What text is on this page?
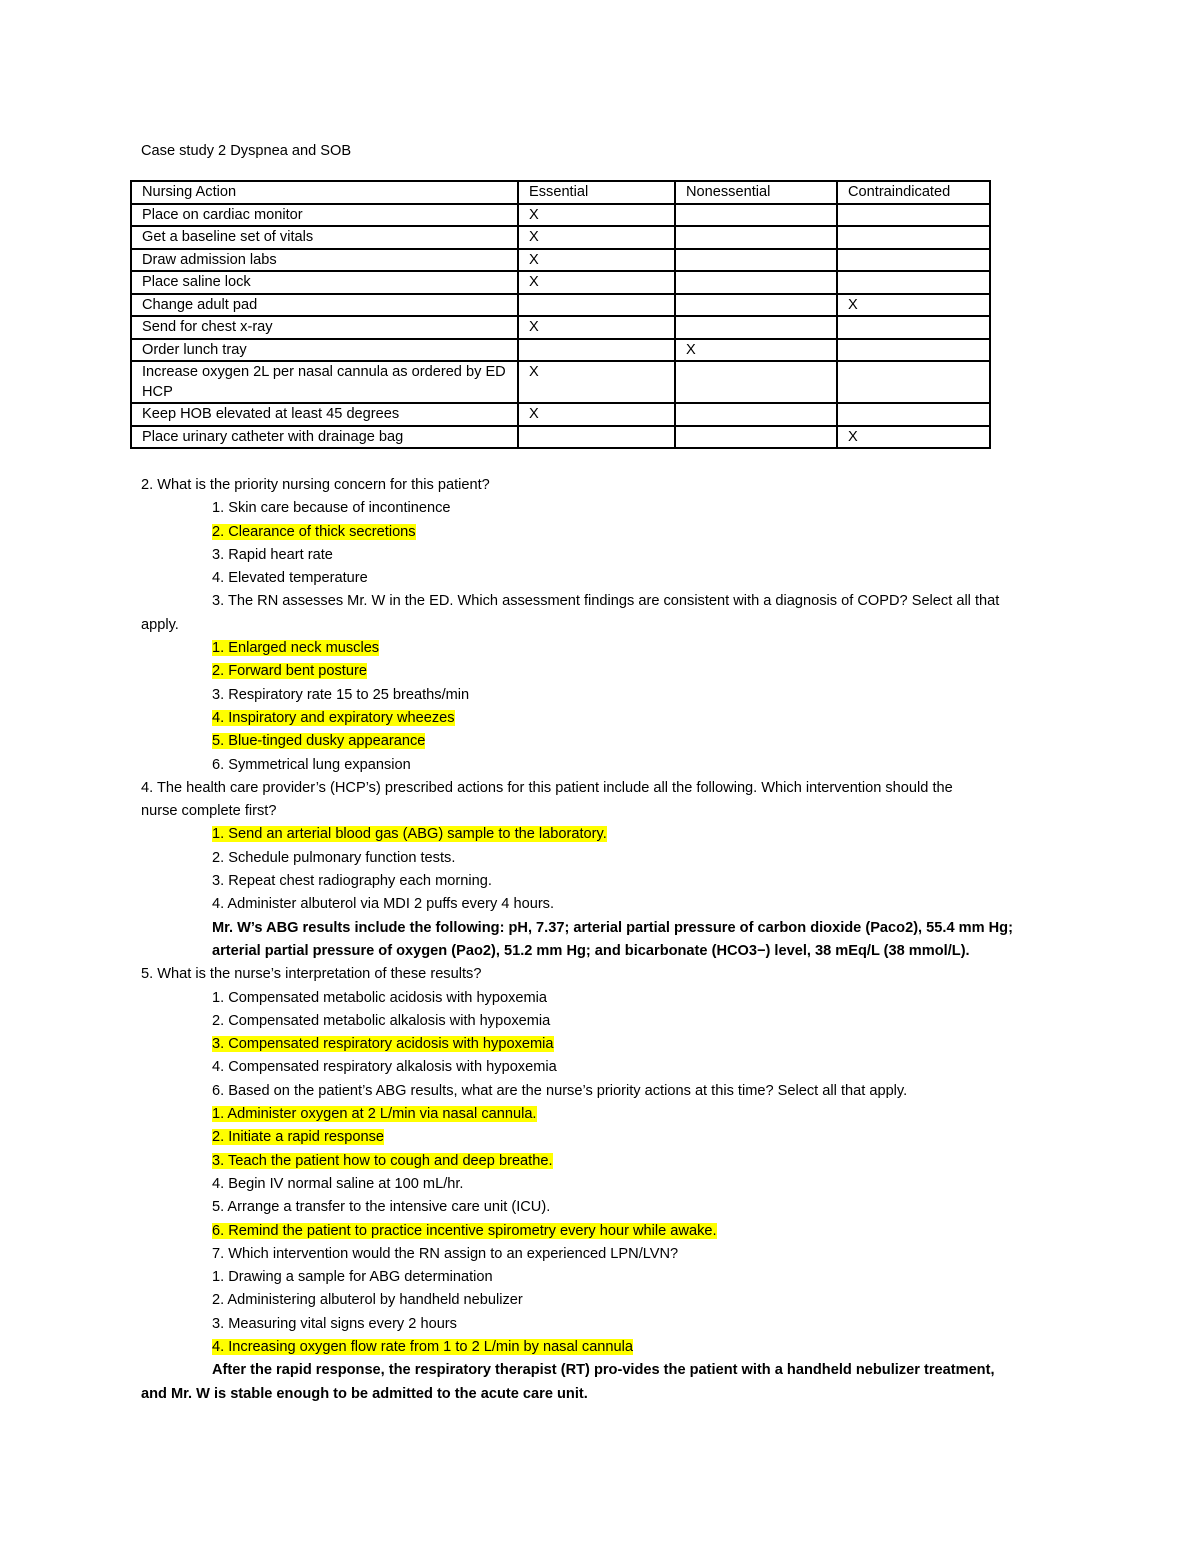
Case study 2 Dyspnea and SOB
Nursing Action	Essential	Nonessential	Contraindicated
Place on cardiac monitor	X		
Get a baseline set of vitals	X		
Draw admission labs	X		
Place saline lock	X		
Change adult pad			X
Send for chest x-ray	X		
Order lunch tray		X	
Increase oxygen 2L per nasal cannula as ordered by ED HCP	X		
Keep HOB elevated at least 45 degrees	X		
Place urinary catheter with drainage bag			X
2. What is the priority nursing concern for this patient?
1. Skin care because of incontinence
2. Clearance of thick secretions
3. Rapid heart rate
4. Elevated temperature
3. The RN assesses Mr. W in the ED. Which assessment findings are consistent with a diagnosis of COPD? Select all that
apply.
1. Enlarged neck muscles
2. Forward bent posture
3. Respiratory rate 15 to 25 breaths/min
4. Inspiratory and expiratory wheezes
5. Blue-tinged dusky appearance
6. Symmetrical lung expansion
4. The health care provider’s (HCP’s) prescribed actions for this patient include all the following. Which intervention should the
nurse complete first?
1. Send an arterial blood gas (ABG) sample to the laboratory.
2. Schedule pulmonary function tests.
3. Repeat chest radiography each morning.
4. Administer albuterol via MDI 2 puffs every 4 hours.
Mr. W’s ABG results include the following: pH, 7.37; arterial partial pressure of carbon dioxide (Paco2), 55.4 mm Hg;
arterial partial pressure of oxygen (Pao2), 51.2 mm Hg; and bicarbonate (HCO3−) level, 38 mEq/L (38 mmol/L).
5. What is the nurse’s interpretation of these results?
1. Compensated metabolic acidosis with hypoxemia
2. Compensated metabolic alkalosis with hypoxemia
3. Compensated respiratory acidosis with hypoxemia
4. Compensated respiratory alkalosis with hypoxemia
6. Based on the patient’s ABG results, what are the nurse’s priority actions at this time? Select all that apply.
1. Administer oxygen at 2 L/min via nasal cannula.
2. Initiate a rapid response
3. Teach the patient how to cough and deep breathe.
4. Begin IV normal saline at 100 mL/hr.
5. Arrange a transfer to the intensive care unit (ICU).
6. Remind the patient to practice incentive spirometry every hour while awake.
7. Which intervention would the RN assign to an experienced LPN/LVN?
1. Drawing a sample for ABG determination
2. Administering albuterol by handheld nebulizer
3. Measuring vital signs every 2 hours
4. Increasing oxygen flow rate from 1 to 2 L/min by nasal cannula
After the rapid response, the respiratory therapist (RT) pro-vides the patient with a handheld nebulizer treatment,
and Mr. W is stable enough to be admitted to the acute care unit.
